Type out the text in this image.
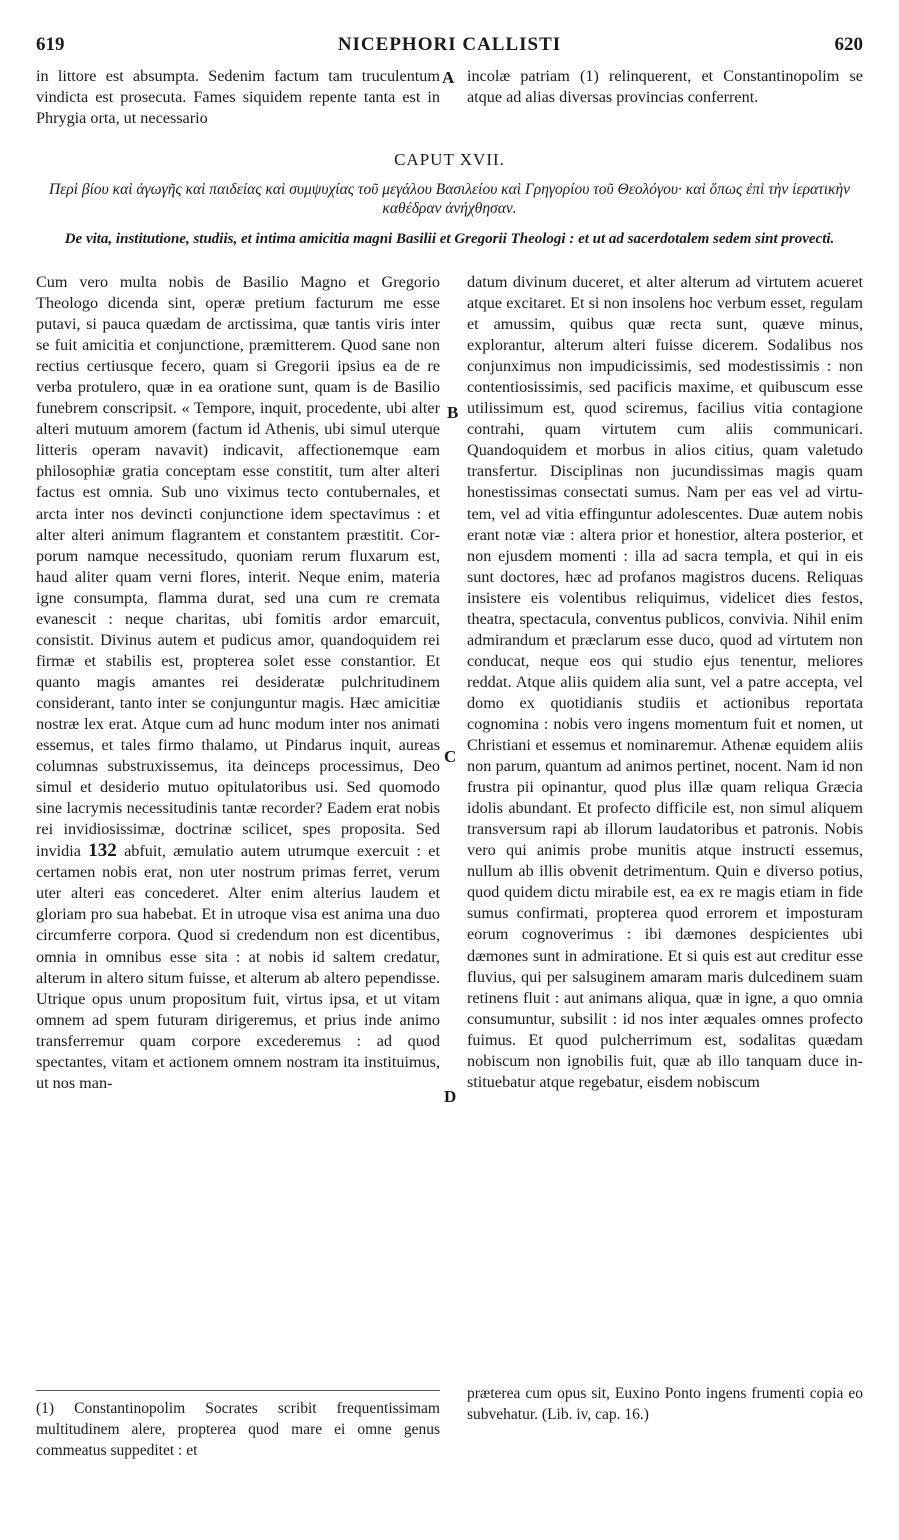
619	NICEPHORI CALLISTI	620

in littore est absumpta. Sedenim factum tam truculentum vindicta est prosecuta. Fames siquidem repente tanta est in Phrygia orta, ut necessario

incolæ patriam (1) relinquerent, et Constantinopolim se atque ad alias diversas provincias conferrent.

A
CAPUT XVII.
Περὶ βίου καὶ ἀγωγῆς καὶ παιδείας καὶ συμψυχίας τοῦ μεγάλου Βασιλείου καὶ Γρηγορίου τοῦ Θεολόγου· καὶ ὅπως ἐπὶ τὴν ἱερατικὴν καθέδραν ἀνήχθησαν.
De vita, institutione, studiis, et intima amicitia magni Basilii et Gregorii Theologi : et ut ad sacerdotalem sedem sint provecti.

Cum vero multa nobis de Basilio Magno et Gregorio Theologo dicenda sint, operæ pretium facturum me esse putavi, si pauca quædam de arctissima, quæ tantis viris inter se fuit amicitia et conjunctione, præmitterem. Quod sane non rectius certiusque fecero, quam si Gregorii ipsius ea de re verba protulero, quæ in ea oratione sunt, quam is de Basilio funebrem conscripsit. « Tempore, inquit, procedente, ubi alter alteri mutuum amorem (factum id Athenis, ubi simul uterque litteris operam navavit) indicavit, affectionemque eam philosophiæ gratia conceptam esse constitit, tum alter alteri factus est omnia. Sub uno viximus tecto contubernales, et arcta inter nos devincti conjunctione idem spectavimus : et alter alteri animum flagrantem et constantem præstitit. Corporum namque necessitudo, quoniam rerum fluxarum est, haud aliter quam verni flores, interit. Neque enim, materia igne consumpta, flamma durat, sed una cum re cremata evanescit : neque charitas, ubi fomitis ardor emarcuit, consistit. Divinus autem et pudicus amor, quandoquidem rei firmæ et stabilis est, propterea solet esse constantior. Et quanto magis amantes rei desideratæ pulchritudinem considerant, tanto inter se conjunguntur magis. Hæc amicitiæ nostræ lex erat. Atque cum ad hunc modum inter nos animati essemus, et tales firmo thalamo, ut Pindarus inquit, aureas columnas substruxissemus, ita deinceps processimus, Deo simul et desiderio mutuo opitulatoribus usi. Sed quomodo sine lacrymis necessitudinis tantæ recorder? Eadem erat nobis rei invidiosissimæ, doctrinæ scilicet, spes proposita. Sed invidia 132 abfuit, æmulatio autem utrumque exercuit : et certamen nobis erat, non uter nostrum primas ferret, verum uter alteri eas concederet. Alter enim alterius laudem et gloriam pro sua habebat. Et in utroque visa est anima una duo circumferre corpora. Quod si credendum non est dicentibus, omnia in omnibus esse sita : at nobis id saltem credatur, alterum in altero situm fuisse, et alterum ab altero pependisse. Utrique opus unum propositum fuit, virtus ipsa, et ut vitam omnem ad spem futuram dirigeremus, et prius inde animo transferremur quam corpore excederemus : ad quod spectantes, vitam et actionem omnem nostram ita instituimus, ut nos man-

datum divinum duceret, et alter alterum ad virtutem acueret atque excitaret. Et si non insolens hoc verbum esset, regulam et amussim, quibus quæ recta sunt, quæve minus, explorantur, alterum alteri fuisse dicerem. Sodalibus nos conjunximus non impudicissimis, sed modestissimis : non contentiosissimis, sed pacificis maxime, et quibuscum esse utilissimum est, quod sciremus, facilius vitia contagione contrahi, quam virtutem cum aliis communicari. Quandoquidem et morbus in alios citius, quam valetudo transfertur. Disciplinas non jucundissimas magis quam honestissimas consectati sumus. Nam per eas vel ad virtutem, vel ad vitia effinguntur adolescentes. Duæ autem nobis erant notæ viæ : altera prior et honestior, altera posterior, et non ejusdem momenti : illa ad sacra templa, et qui in eis sunt doctores, hæc ad profanos magistros ducens. Reliquas insistere eis volentibus reliquimus, videlicet dies festos, theatra, spectacula, conventus publicos, convivia. Nihil enim admirandum et præclarum esse duco, quod ad virtutem non conducat, neque eos qui studio ejus tenentur, meliores reddat. Atque aliis quidem alia sunt, vel a patre accepta, vel domo ex quotidianis studiis et actionibus reportata cognomina : nobis vero ingens momentum fuit et nomen, ut Christiani et essemus et nominaremur. Athenæ equidem aliis non parum, quantum ad animos pertinet, nocent. Nam id non frustra pii opinantur, quod plus illæ quam reliqua Græcia idolis abundant. Et profecto difficile est, non simul aliquem transversum rapi ab illorum laudatoribus et patronis. Nobis vero qui animis probe munitis atque instructi essemus, nullum ab illis obvenit detrimentum. Quin e diverso potius, quod quidem dictu mirabile est, ea ex re magis etiam in fide sumus confirmati, propterea quod errorem et imposturam eorum cognoverimus : ibi dæmones despicientes ubi dæmones sunt in admiratione. Et si quis est aut creditur esse fluvius, qui per salsuginem amaram maris dulcedinem suam retinens fluit : aut animans aliqua, quæ in igne, a quo omnia consumuntur, subsilit : id nos inter æquales omnes profecto fuimus. Et quod pulcherrimum est, sodalitas quædam nobiscum non ignobilis fuit, quæ ab illo tanquam duce instituebatur atque regebatur, eisdem nobiscum

B
C
D
(1) Constantinopolim Socrates scribit frequentissimam multitudinem alere, propterea quod mare ei omne genus commeatus suppeditet : et
præterea cum opus sit, Euxino Ponto ingens frumenti copia eo subvehatur. (Lib. iv, cap. 16.)
